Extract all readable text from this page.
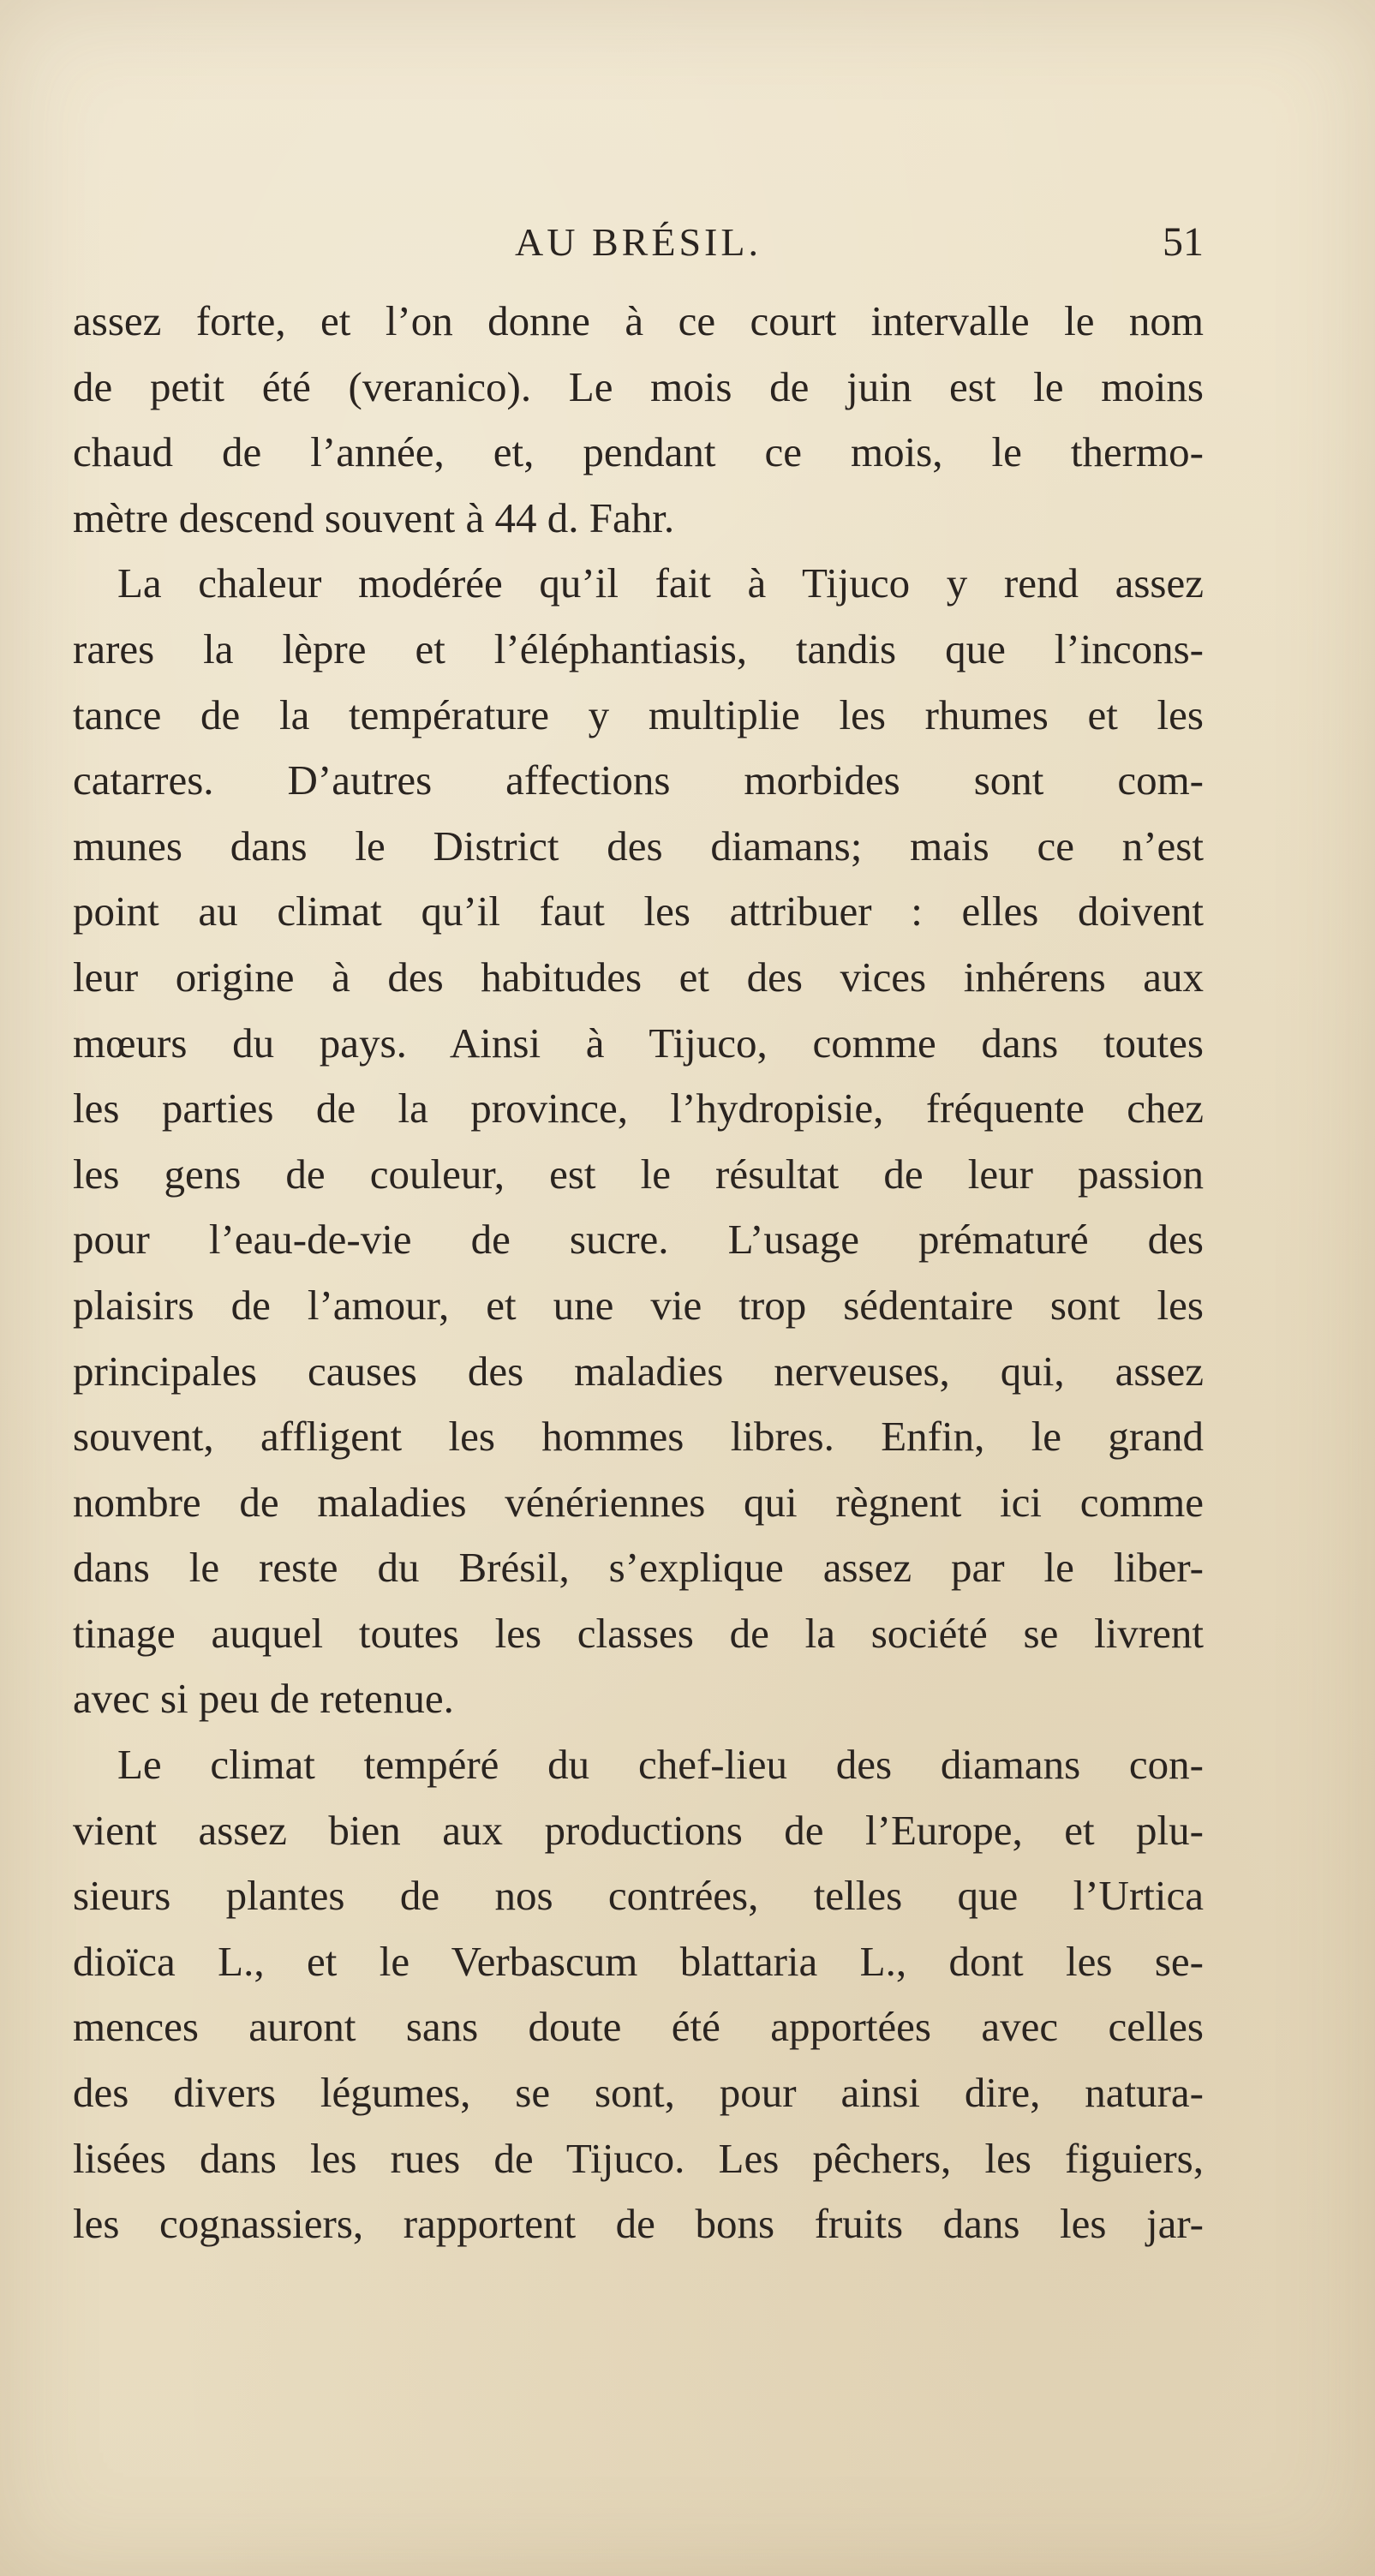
AU BRÉSIL.	51
assez forte, et l’on donne à ce court intervalle le nom
de petit été (veranico). Le mois de juin est le moins
chaud de l’année, et, pendant ce mois, le thermo-
mètre descend souvent à 44 d. Fahr.
La chaleur modérée qu’il fait à Tijuco y rend assez
rares la lèpre et l’éléphantiasis, tandis que l’incons-
tance de la température y multiplie les rhumes et les
catarres. D’autres affections morbides sont com-
munes dans le District des diamans; mais ce n’est
point au climat qu’il faut les attribuer : elles doivent
leur origine à des habitudes et des vices inhérens aux
mœurs du pays. Ainsi à Tijuco, comme dans toutes
les parties de la province, l’hydropisie, fréquente chez
les gens de couleur, est le résultat de leur passion
pour l’eau-de-vie de sucre. L’usage prématuré des
plaisirs de l’amour, et une vie trop sédentaire sont les
principales causes des maladies nerveuses, qui, assez
souvent, affligent les hommes libres. Enfin, le grand
nombre de maladies vénériennes qui règnent ici comme
dans le reste du Brésil, s’explique assez par le liber-
tinage auquel toutes les classes de la société se livrent
avec si peu de retenue.
Le climat tempéré du chef-lieu des diamans con-
vient assez bien aux productions de l’Europe, et plu-
sieurs plantes de nos contrées, telles que l’Urtica
dioïca L., et le Verbascum blattaria L., dont les se-
mences auront sans doute été apportées avec celles
des divers légumes, se sont, pour ainsi dire, natura-
lisées dans les rues de Tijuco. Les pêchers, les figuiers,
les cognassiers, rapportent de bons fruits dans les jar-
